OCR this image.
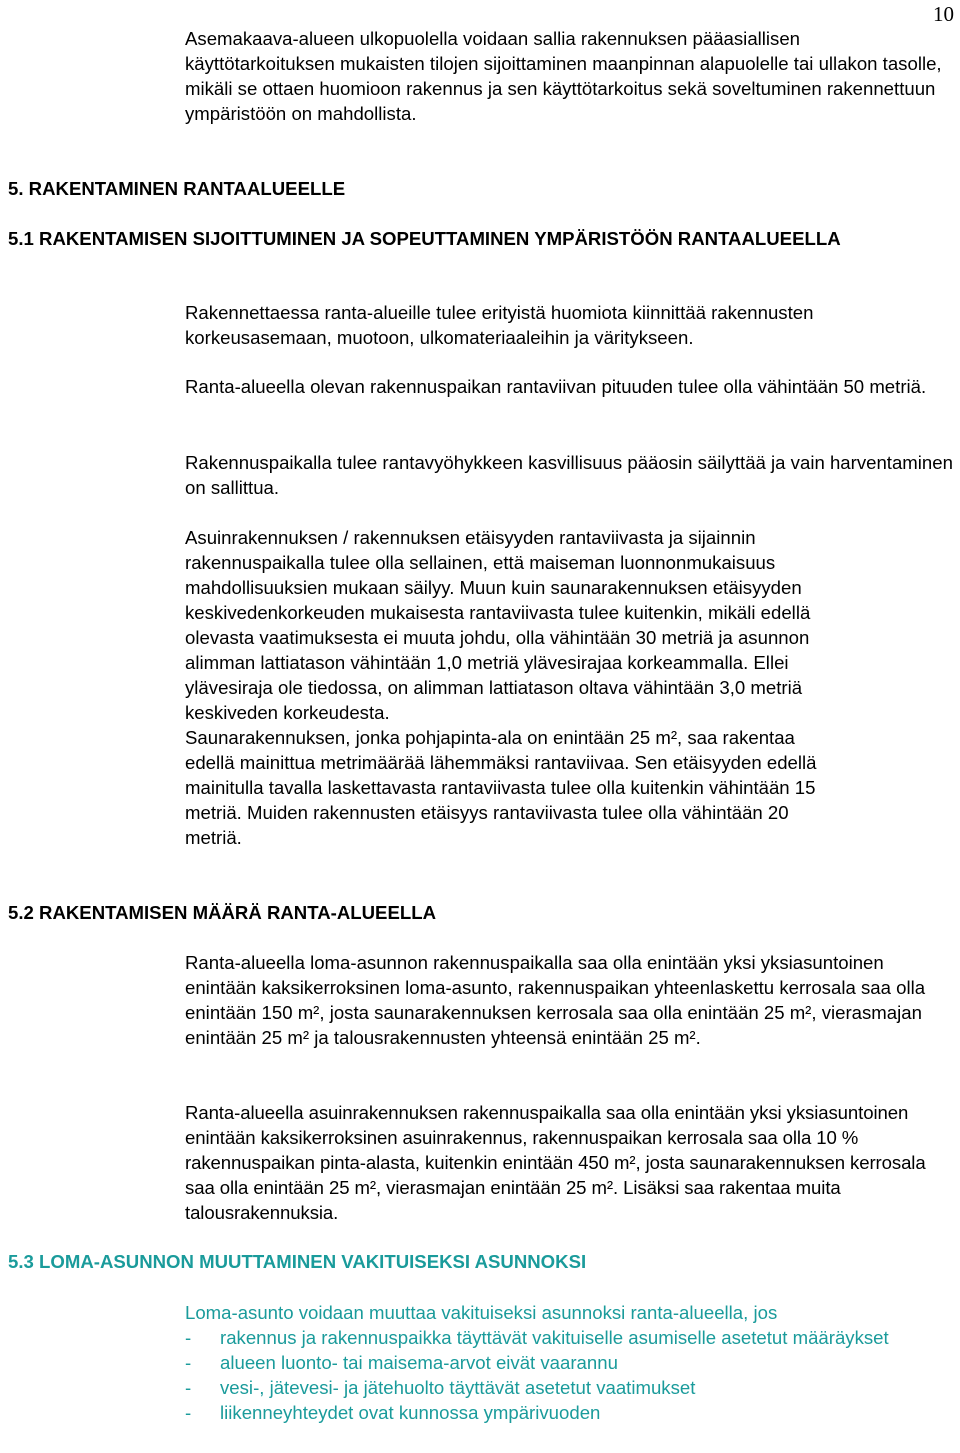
10

Asemakaava-alueen ulkopuolella voidaan sallia rakennuksen pääasiallisen käyttötarkoituksen mukaisten tilojen sijoittaminen maanpinnan alapuolelle tai ullakon tasolle, mikäli se ottaen huomioon rakennus ja sen käyttötarkoitus sekä soveltuminen rakennettuun ympäristöön on mahdollista.

5. RAKENTAMINEN RANTAALUEELLE
5.1 RAKENTAMISEN SIJOITTUMINEN JA SOPEUTTAMINEN YMPÄRISTÖÖN RANTAALUEELLA

Rakennettaessa ranta-alueille tulee erityistä huomiota kiinnittää rakennusten korkeusasemaan, muotoon, ulkomateriaaleihin ja väritykseen.

Ranta-alueella olevan rakennuspaikan rantaviivan pituuden tulee olla vähintään 50 metriä.

Rakennuspaikalla tulee rantavyöhykkeen kasvillisuus pääosin säilyttää ja vain harventaminen on sallittua.

Asuinrakennuksen / rakennuksen etäisyyden rantaviivasta ja sijainnin
rakennuspaikalla tulee olla sellainen, että maiseman luonnonmukaisuus
mahdollisuuksien mukaan säilyy. Muun kuin saunarakennuksen etäisyyden
keskivedenkorkeuden mukaisesta rantaviivasta tulee kuitenkin, mikäli edellä
olevasta vaatimuksesta ei muuta johdu, olla vähintään 30 metriä ja asunnon
alimman lattiatason vähintään 1,0 metriä ylävesirajaa korkeammalla. Ellei
ylävesiraja ole tiedossa, on alimman lattiatason oltava vähintään 3,0 metriä
keskiveden korkeudesta.
Saunarakennuksen, jonka pohjapinta-ala on enintään 25 m², saa rakentaa
edellä mainittua metrimäärää lähemmäksi rantaviivaa. Sen etäisyyden edellä
mainitulla tavalla laskettavasta rantaviivasta tulee olla kuitenkin vähintään 15
metriä. Muiden rakennusten etäisyys rantaviivasta tulee olla vähintään 20
metriä.
5.2 RAKENTAMISEN MÄÄRÄ RANTA-ALUEELLA

Ranta-alueella loma-asunnon rakennuspaikalla saa olla enintään yksi yksiasuntoinen enintään kaksikerroksinen loma-asunto, rakennuspaikan yhteenlaskettu kerrosala saa olla enintään 150 m², josta saunarakennuksen kerrosala saa olla enintään 25 m², vierasmajan enintään 25 m² ja talousrakennusten yhteensä enintään 25 m².

Ranta-alueella asuinrakennuksen rakennuspaikalla saa olla enintään yksi yksiasuntoinen enintään kaksikerroksinen asuinrakennus, rakennuspaikan kerrosala saa olla 10 % rakennuspaikan pinta-alasta, kuitenkin enintään 450 m², josta saunarakennuksen kerrosala saa olla enintään 25 m², vierasmajan enintään 25 m². Lisäksi saa rakentaa muita talousrakennuksia.

5.3 LOMA-ASUNNON MUUTTAMINEN VAKITUISEKSI ASUNNOKSI

Loma-asunto voidaan muuttaa vakituiseksi asunnoksi ranta-alueella, jos

- rakennus ja rakennuspaikka täyttävät vakituiselle asumiselle asetetut määräykset
- alueen luonto- tai maisema-arvot eivät vaarannu
- vesi-, jätevesi- ja jätehuolto täyttävät asetetut vaatimukset
- liikenneyhteydet ovat kunnossa ympärivuoden
